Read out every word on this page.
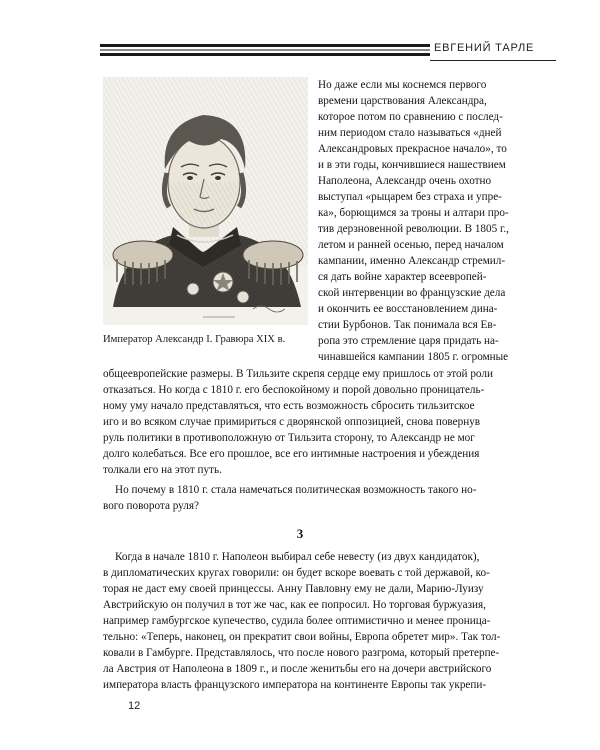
ЕВГЕНИЙ ТАРЛЕ
Император Александр I. Гравюра XIX в.
Но даже если мы коснемся первого
времени царствования Александра,
которое потом по сравнению с послед-
ним периодом стало называться «дней
Александровых прекрасное начало», то
и в эти годы, кончившиеся нашествием
Наполеона, Александр очень охотно
выступал «рыцарем без страха и упре-
ка», борющимся за троны и алтари про-
тив дерзновенной революции. В 1805 г.,
летом и ранней осенью, перед началом
кампании, именно Александр стремил-
ся дать войне характер всеевропей-
ской интервенции во французские дела
и окончить ее восстановлением дина-
стии Бурбонов. Так понимала вся Ев-
ропа это стремление царя придать на-
чинавшейся кампании 1805 г. огромные
общеевропейские размеры. В Тильзите скрепя сердце ему пришлось от этой роли
отказаться. Но когда с 1810 г. его беспокойному и порой довольно проницатель-
ному уму начало представляться, что есть возможность сбросить тильзитское
иго и во всяком случае примириться с дворянской оппозицией, снова повернув
руль политики в противоположную от Тильзита сторону, то Александр не мог
долго колебаться. Все его прошлое, все его интимные настроения и убеждения
толкали его на этот путь.
Но почему в 1810 г. стала намечаться политическая возможность такого но-
вого поворота руля?
3
Когда в начале 1810 г. Наполеон выбирал себе невесту (из двух кандидаток),
в дипломатических кругах говорили: он будет вскоре воевать с той державой, ко-
торая не даст ему своей принцессы. Анну Павловну ему не дали, Марию-Луизу
Австрийскую он получил в тот же час, как ее попросил. Но торговая буржуазия,
например гамбургское купечество, судила более оптимистично и менее проница-
тельно: «Теперь, наконец, он прекратит свои войны, Европа обретет мир». Так тол-
ковали в Гамбурге. Представлялось, что после нового разгрома, который претерпе-
ла Австрия от Наполеона в 1809 г., и после женитьбы его на дочери австрийского
императора власть французского императора на континенте Европы так укрепи-
12
